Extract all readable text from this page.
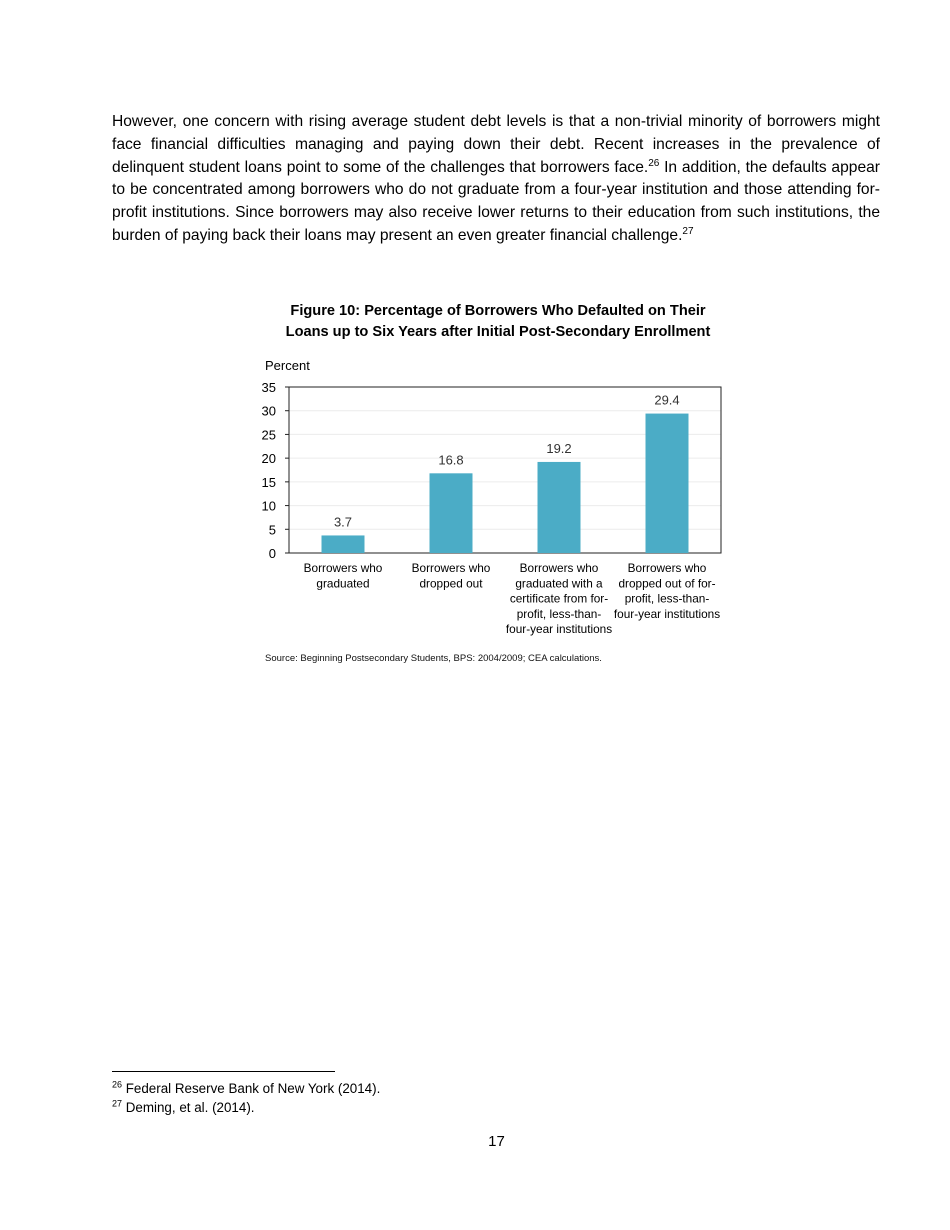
However, one concern with rising average student debt levels is that a non-trivial minority of borrowers might face financial difficulties managing and paying down their debt. Recent increases in the prevalence of delinquent student loans point to some of the challenges that borrowers face.$^{26}$ In addition, the defaults appear to be concentrated among borrowers who do not graduate from a four-year institution and those attending for-profit institutions. Since borrowers may also receive lower returns to their education from such institutions, the burden of paying back their loans may present an even greater financial challenge.$^{27}$

Figure 10: Percentage of Borrowers Who Defaulted on Their Loans up to Six Years after Initial Post-Secondary Enrollment
0
5
10
15
20
25
30
35
Percent
3.7
Borrowers who
graduated
16.8
Borrowers who
dropped out
19.2
Borrowers who
graduated with a
certificate from for-
profit, less-than-
four-year institutions
29.4
Borrowers who
dropped out of for-
profit, less-than-
four-year institutions
Source: Beginning Postsecondary Students, BPS: 2004/2009; CEA calculations.
$^{26}$ Federal Reserve Bank of New York (2014).
$^{27}$ Deming, et al. (2014).
17
